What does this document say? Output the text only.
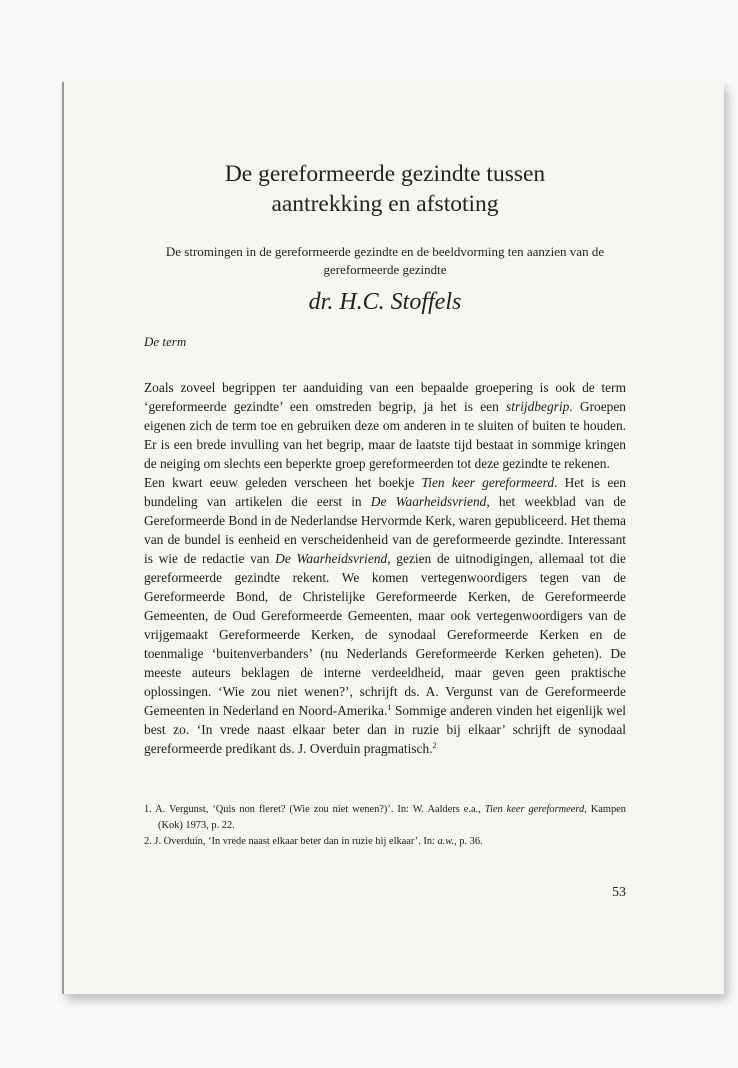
De gereformeerde gezindte tussen
aantrekking en afstoting

De stromingen in de gereformeerde gezindte en de beeldvorming ten aanzien van de gereformeerde gezindte

dr. H.C. Stoffels

De term

Zoals zoveel begrippen ter aanduiding van een bepaalde groepering is ook de term ‘gereformeerde gezindte’ een omstreden begrip, ja het is een strijdbegrip. Groepen eigenen zich de term toe en gebruiken deze om anderen in te sluiten of buiten te houden. Er is een brede invulling van het begrip, maar de laatste tijd bestaat in sommige kringen de neiging om slechts een beperkte groep gereformeerden tot deze gezindte te rekenen.

Een kwart eeuw geleden verscheen het boekje Tien keer gereformeerd. Het is een bundeling van artikelen die eerst in De Waarheidsvriend, het weekblad van de Gereformeerde Bond in de Nederlandse Hervormde Kerk, waren gepubliceerd. Het thema van de bundel is eenheid en verscheidenheid van de gereformeerde gezindte. Interessant is wie de redactie van De Waarheidsvriend, gezien de uitnodigingen, allemaal tot die gereformeerde gezindte rekent. We komen vertegenwoordigers tegen van de Gereformeerde Bond, de Christelijke Gereformeerde Kerken, de Gereformeerde Gemeenten, de Oud Gereformeerde Gemeenten, maar ook vertegenwoordigers van de vrijgemaakt Gereformeerde Kerken, de synodaal Gereformeerde Kerken en de toenmalige ‘buitenverbanders’ (nu Nederlands Gereformeerde Kerken geheten). De meeste auteurs beklagen de interne verdeeldheid, maar geven geen praktische oplossingen. ‘Wie zou niet wenen?’, schrijft ds. A. Vergunst van de Gereformeerde Gemeenten in Nederland en Noord-Amerika.$^1$ Sommige anderen vinden het eigenlijk wel best zo. ‘In vrede naast elkaar beter dan in ruzie bij elkaar’ schrijft de synodaal gereformeerde predikant ds. J. Overduin pragmatisch.$^2$

1. A. Vergunst, ‘Quis non fleret? (Wie zou niet wenen?)’. In: W. Aalders e.a., Tien keer gereformeerd, Kampen (Kok) 1973, p. 22.
2. J. Overduin, ‘In vrede naast elkaar beter dan in ruzie bij elkaar’. In: a.w., p. 36.
53
